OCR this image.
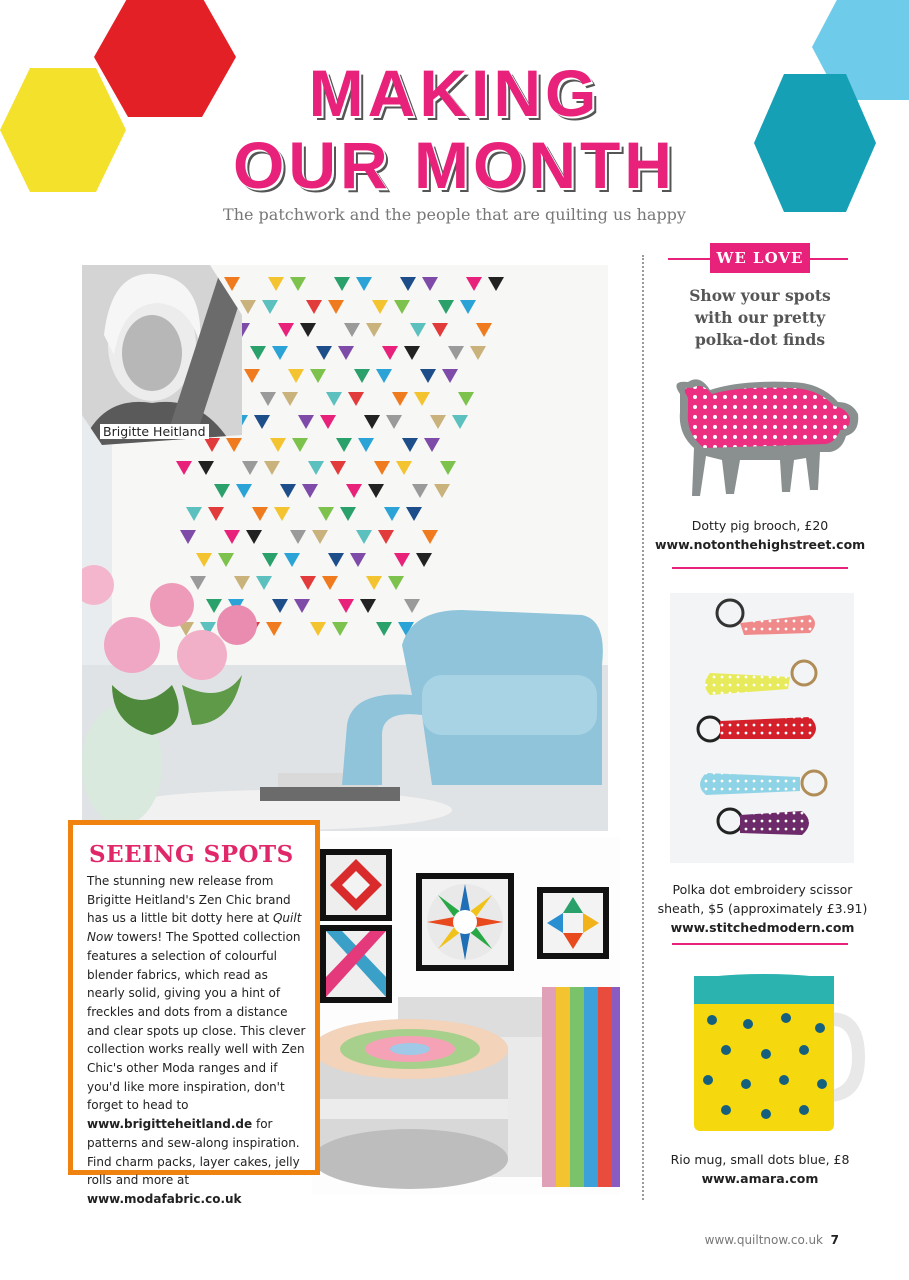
MAKING
OUR MONTH
The patchwork and the people that are quilting us happy
Brigitte Heitland
SEEING SPOTS
The stunning new release from Brigitte Heitland's Zen Chic brand has us a little bit dotty here at Quilt Now towers! The Spotted collection features a selection of colourful blender fabrics, which read as nearly solid, giving you a hint of freckles and dots from a distance and clear spots up close. This clever collection works really well with Zen Chic's other Moda ranges and if you'd like more inspiration, don't forget to head to www.brigitteheitland.de for patterns and sew-along inspiration. Find charm packs, layer cakes, jelly rolls and more at www.modafabric.co.uk
WE LOVE
Show your spots with our pretty polka-dot finds
Dotty pig brooch, £20
www.notonthehighstreet.com
Polka dot embroidery scissor sheath, $5 (approximately £3.91)
www.stitchedmodern.com
Rio mug, small dots blue, £8
www.amara.com
www.quiltnow.co.uk 7
